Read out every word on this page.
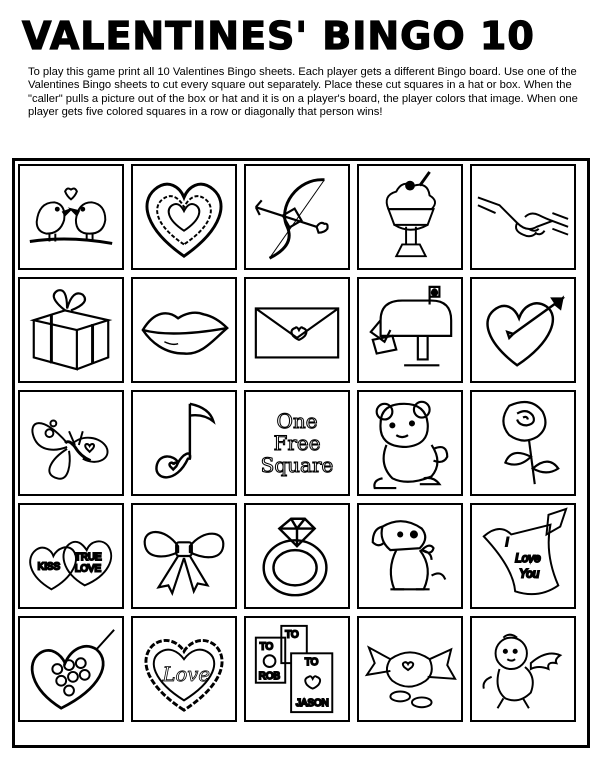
VALENTINES' BINGO 10
To play this game print all 10 Valentines Bingo sheets. Each player gets a different Bingo board. Use one of the Valentines Bingo sheets to cut every square out separately. Place these cut squares in a hat or box. When the "caller" pulls a picture out of the box or hat and it is on a player's board, the player colors that image. When one player gets five colored squares in a row or diagonally that person wins!
One
Free
Square
KISS
TRUE
LOVE
I
Love
You
Love
TO
TO
TO
ROB
JASON
